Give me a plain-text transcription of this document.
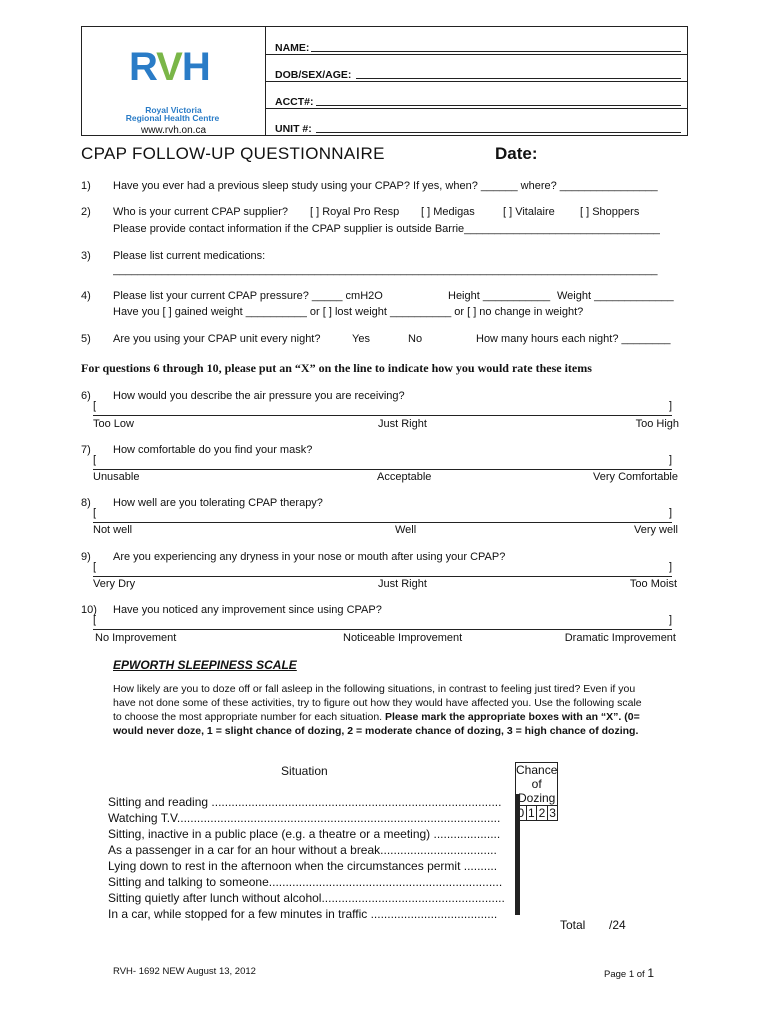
RVH
Royal Victoria
www.rvh.on.ca
NAME:
DOB/SEX/AGE:
ACCT#:
UNIT #:
Regional Health Centre
CPAP FOLLOW-UP QUESTIONNAIRE	Date:
1) Have you ever had a previous sleep study using your CPAP? If yes, when? ______ where? ________________
2) Who is your current CPAP supplier? [ ] Royal Pro Resp [ ] Medigas	[ ] Vitalaire [ ] Shoppers
Please provide contact information if the CPAP supplier is outside Barrie________________________________
3) Please list current medications:
_________________________________________________________________________________________
4) Please list your current CPAP pressure? _____ cmH2O	Height ___________ Weight _____________
Have you [ ] gained weight __________ or [ ] lost weight __________ or [ ] no change in weight?
5) Are you using your CPAP unit every night?	Yes	No	How many hours each night? ________
For questions 6 through 10, please put an “X” on the line to indicate how you would rate these items
6) How would you describe the air pressure you are receiving?
[	]
Too Low	Just Right	Too High
7) How comfortable do you find your mask?
[	]
Unusable	Acceptable	Very Comfortable
8) How well are you tolerating CPAP therapy?
[	]
Not well	Well	Very well
9) Are you experiencing any dryness in your nose or mouth after using your CPAP?
[	]
Very Dry	Just Right	Too Moist
10) Have you noticed any improvement since using CPAP?
[	]
No Improvement	Noticeable Improvement	Dramatic Improvement
EPWORTH SLEEPINESS SCALE
How likely are you to doze off or fall asleep in the following situations, in contrast to feeling just tired? Even if you have not done some of these activities, try to figure out how they would have affected you. Use the following scale to choose the most appropriate number for each situation. Please mark the appropriate boxes with an “X”. (0= would never doze, 1 = slight chance of dozing, 2 = moderate chance of dozing, 3 = high chance of dozing.
Situation	Chance of Dozing
0	1	2	3

Sitting and reading .......................................................................................
Watching T.V.................................................................................................
Sitting, inactive in a public place (e.g. a theatre or a meeting) ....................
As a passenger in a car for an hour without a break...................................
Lying down to rest in the afternoon when the circumstances permit ..........
Sitting and talking to someone......................................................................
Sitting quietly after lunch without alcohol.......................................................
In a car, while stopped for a few minutes in traffic ......................................
Total /24
RVH- 1692 NEW August 13, 2012	Page 1 of 1
